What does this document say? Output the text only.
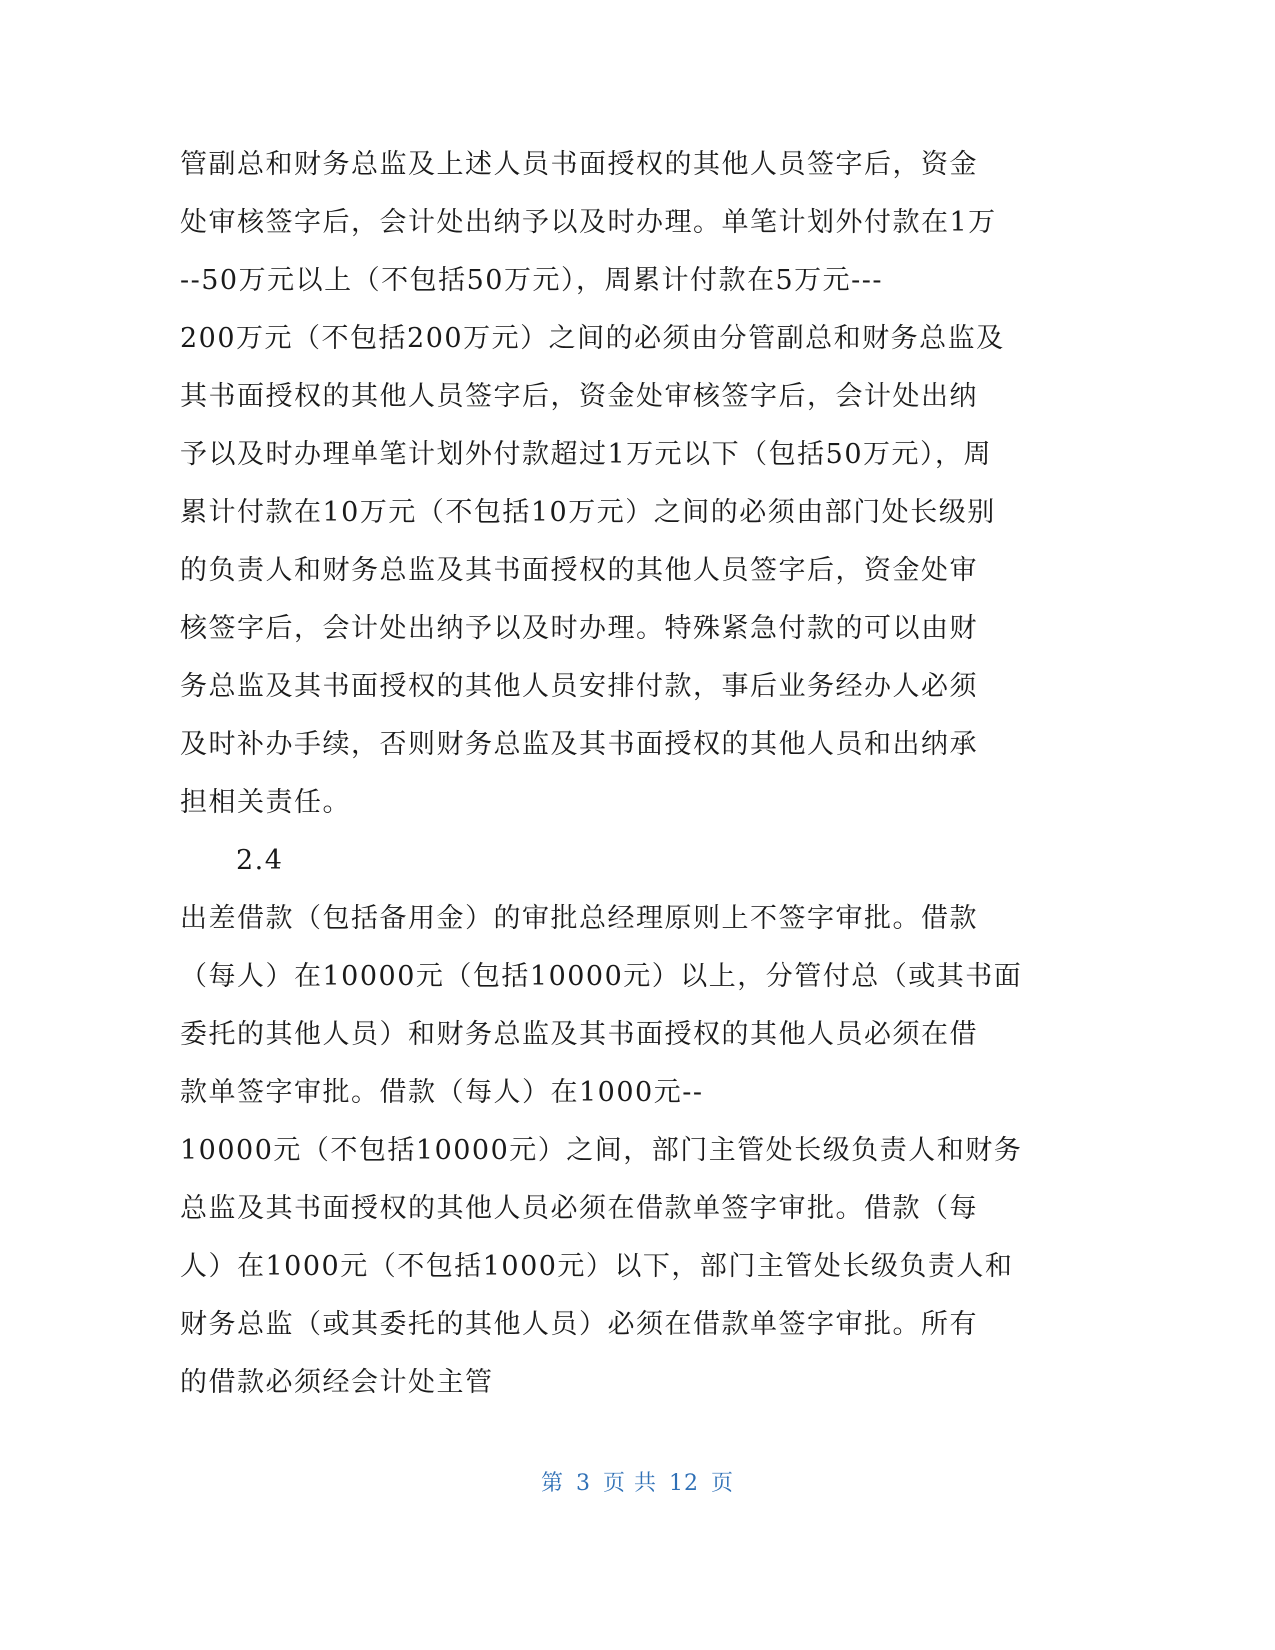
管副总和财务总监及上述人员书面授权的其他人员签字后，资金
处审核签字后，会计处出纳予以及时办理。单笔计划外付款在1万
--50万元以上（不包括50万元），周累计付款在5万元---
200万元（不包括200万元）之间的必须由分管副总和财务总监及
其书面授权的其他人员签字后，资金处审核签字后，会计处出纳
予以及时办理单笔计划外付款超过1万元以下（包括50万元），周
累计付款在10万元（不包括10万元）之间的必须由部门处长级别
的负责人和财务总监及其书面授权的其他人员签字后，资金处审
核签字后，会计处出纳予以及时办理。特殊紧急付款的可以由财
务总监及其书面授权的其他人员安排付款，事后业务经办人必须
及时补办手续，否则财务总监及其书面授权的其他人员和出纳承
担相关责任。
2.4
出差借款（包括备用金）的审批总经理原则上不签字审批。借款
（每人）在10000元（包括10000元）以上，分管付总（或其书面
委托的其他人员）和财务总监及其书面授权的其他人员必须在借
款单签字审批。借款（每人）在1000元--
10000元（不包括10000元）之间，部门主管处长级负责人和财务
总监及其书面授权的其他人员必须在借款单签字审批。借款（每
人）在1000元（不包括1000元）以下，部门主管处长级负责人和
财务总监（或其委托的其他人员）必须在借款单签字审批。所有
的借款必须经会计处主管
第 3 页 共 12 页
